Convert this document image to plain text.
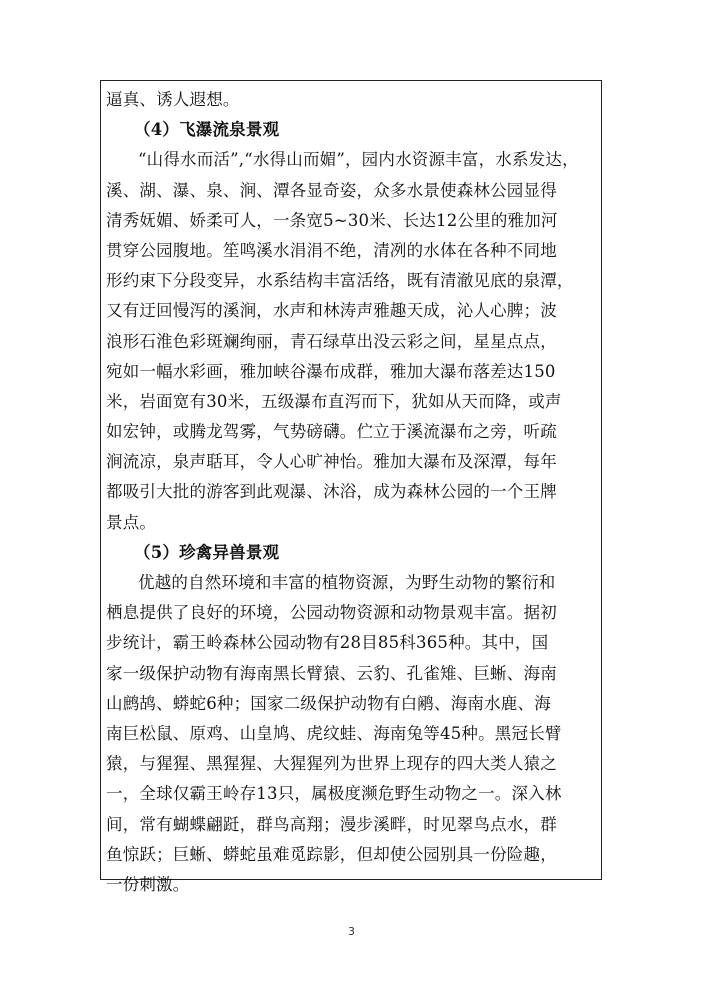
逼真、诱人遐想。
（4）飞瀑流泉景观
“山得水而活”,“水得山而媚”，园内水资源丰富，水系发达，
溪、湖、瀑、泉、涧、潭各显奇姿，众多水景使森林公园显得
清秀妩媚、娇柔可人，一条宽5~30米、长达12公里的雅加河
贯穿公园腹地。笙鸣溪水涓涓不绝，清冽的水体在各种不同地
形约束下分段变异，水系结构丰富活络，既有清澈见底的泉潭，
又有迂回慢泻的溪涧，水声和林涛声雅趣天成，沁人心脾；波
浪形石淮色彩斑斓绚丽，青石绿草出没云彩之间，星星点点，
宛如一幅水彩画，雅加峡谷瀑布成群，雅加大瀑布落差达150
米，岩面宽有30米，五级瀑布直泻而下，犹如从天而降，或声
如宏钟，或腾龙驾雾，气势磅礴。伫立于溪流瀑布之旁，听疏
涧流凉，泉声聒耳，令人心旷神怡。雅加大瀑布及深潭，每年
都吸引大批的游客到此观瀑、沐浴，成为森林公园的一个王牌
景点。
（5）珍禽异兽景观
优越的自然环境和丰富的植物资源，为野生动物的繁衍和
栖息提供了良好的环境，公园动物资源和动物景观丰富。据初
步统计，霸王岭森林公园动物有28目85科365种。其中，国
家一级保护动物有海南黑长臂猿、云豹、孔雀雉、巨蜥、海南
山鹧鸪、蟒蛇6种；国家二级保护动物有白鹇、海南水鹿、海
南巨松鼠、原鸡、山皇鸠、虎纹蛙、海南兔等45种。黑冠长臂
猿，与猩猩、黑猩猩、大猩猩列为世界上现存的四大类人猿之
一，全球仅霸王岭存13只，属极度濒危野生动物之一。深入林
间，常有蝴蝶翩跹，群鸟高翔；漫步溪畔，时见翠鸟点水，群
鱼惊跃；巨蜥、蟒蛇虽难觅踪影，但却使公园别具一份险趣，
一份刺激。
3
